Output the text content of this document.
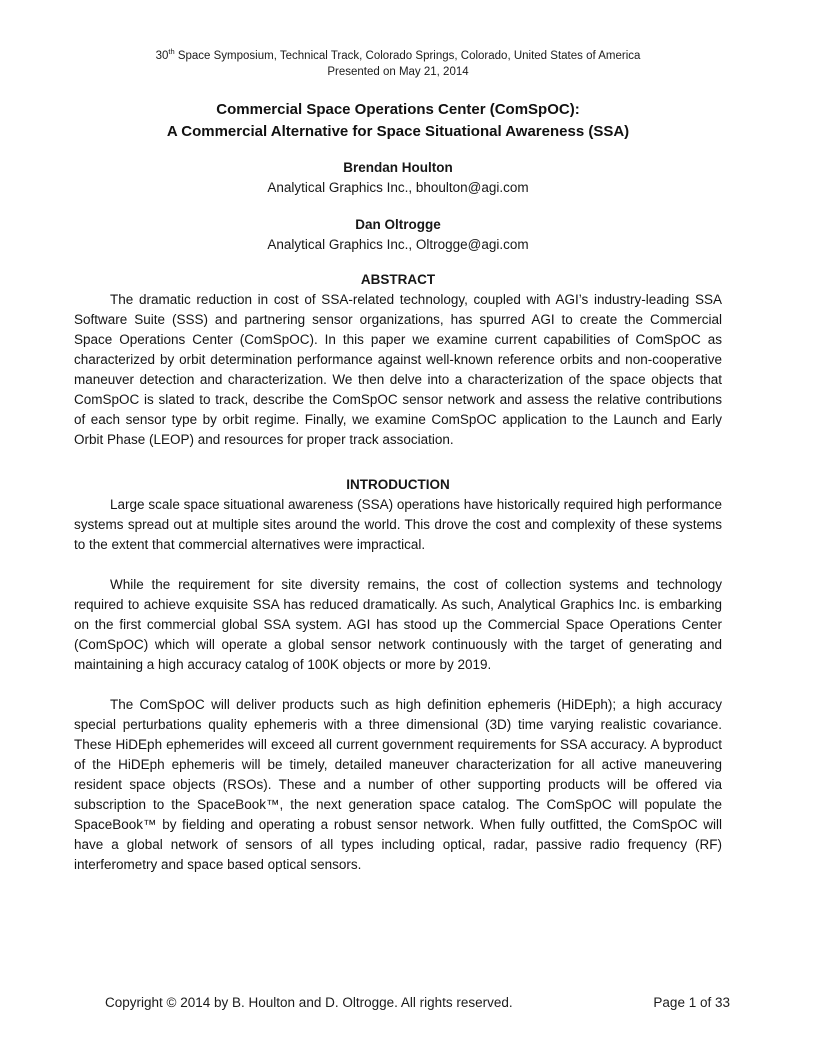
30th Space Symposium, Technical Track, Colorado Springs, Colorado, United States of America
Presented on May 21, 2014
Commercial Space Operations Center (ComSpOC):
A Commercial Alternative for Space Situational Awareness (SSA)
Brendan Houlton
Analytical Graphics Inc., bhoulton@agi.com
Dan Oltrogge
Analytical Graphics Inc., Oltrogge@agi.com
ABSTRACT

The dramatic reduction in cost of SSA-related technology, coupled with AGI’s industry-leading SSA Software Suite (SSS) and partnering sensor organizations, has spurred AGI to create the Commercial Space Operations Center (ComSpOC). In this paper we examine current capabilities of ComSpOC as characterized by orbit determination performance against well-known reference orbits and non-cooperative maneuver detection and characterization. We then delve into a characterization of the space objects that ComSpOC is slated to track, describe the ComSpOC sensor network and assess the relative contributions of each sensor type by orbit regime. Finally, we examine ComSpOC application to the Launch and Early Orbit Phase (LEOP) and resources for proper track association.

INTRODUCTION

Large scale space situational awareness (SSA) operations have historically required high performance systems spread out at multiple sites around the world. This drove the cost and complexity of these systems to the extent that commercial alternatives were impractical.

While the requirement for site diversity remains, the cost of collection systems and technology required to achieve exquisite SSA has reduced dramatically. As such, Analytical Graphics Inc. is embarking on the first commercial global SSA system. AGI has stood up the Commercial Space Operations Center (ComSpOC) which will operate a global sensor network continuously with the target of generating and maintaining a high accuracy catalog of 100K objects or more by 2019.

The ComSpOC will deliver products such as high definition ephemeris (HiDEph); a high accuracy special perturbations quality ephemeris with a three dimensional (3D) time varying realistic covariance. These HiDEph ephemerides will exceed all current government requirements for SSA accuracy. A byproduct of the HiDEph ephemeris will be timely, detailed maneuver characterization for all active maneuvering resident space objects (RSOs). These and a number of other supporting products will be offered via subscription to the SpaceBook™, the next generation space catalog. The ComSpOC will populate the SpaceBook™ by fielding and operating a robust sensor network. When fully outfitted, the ComSpOC will have a global network of sensors of all types including optical, radar, passive radio frequency (RF) interferometry and space based optical sensors.

Copyright © 2014 by B. Houlton and D. Oltrogge. All rights reserved.	Page 1 of 33
